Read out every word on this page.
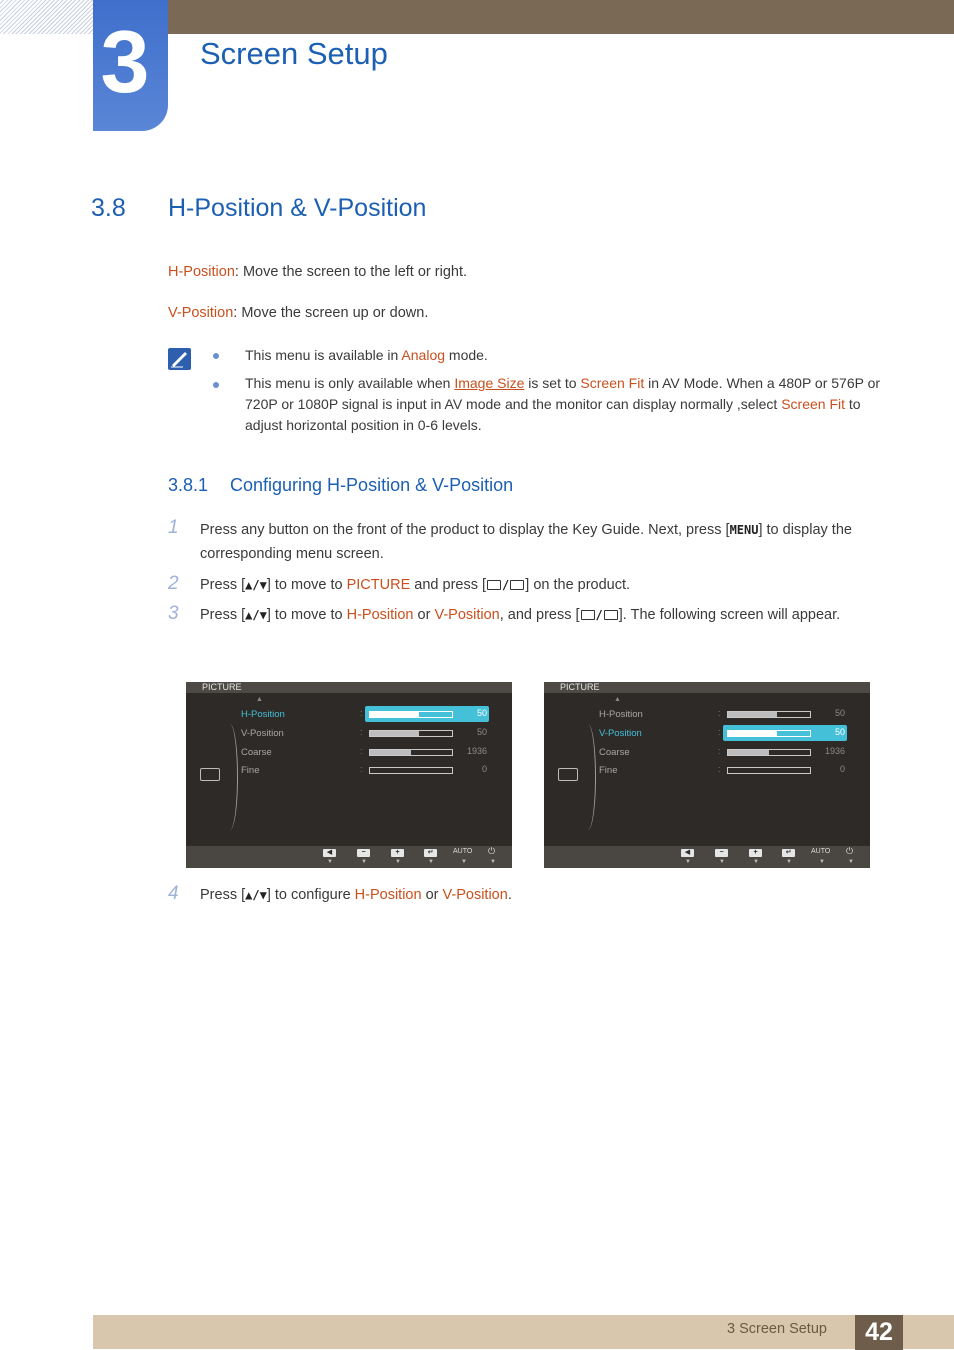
3 Screen Setup
3.8 H-Position & V-Position
H-Position: Move the screen to the left or right.
V-Position: Move the screen up or down.
This menu is available in Analog mode.
This menu is only available when Image Size is set to Screen Fit in AV Mode. When a 480P or 576P or 720P or 1080P signal is input in AV mode and the monitor can display normally ,select Screen Fit to adjust horizontal position in 0-6 levels.
3.8.1 Configuring H-Position & V-Position
1 Press any button on the front of the product to display the Key Guide. Next, press [MENU] to display the corresponding menu screen.
2 Press [▲/▼] to move to PICTURE and press [ / ] on the product.
3 Press [▲/▼] to move to H-Position or V-Position, and press [ / ]. The following screen will appear.
PICTURE
▲
H-Position	:	50
V-Position	:	50
Coarse	:	1936
Fine	:	0
◀
▼
−
▼
+
▼
↵
▼
AUTO
▼
⏻
▼
PICTURE
▲
H-Position	:	50
V-Position	:	50
Coarse	:	1936
Fine	:	0
◀
▼
−
▼
+
▼
↵
▼
AUTO
▼
⏻
▼
4 Press [▲/▼] to configure H-Position or V-Position.
3 Screen Setup	42
